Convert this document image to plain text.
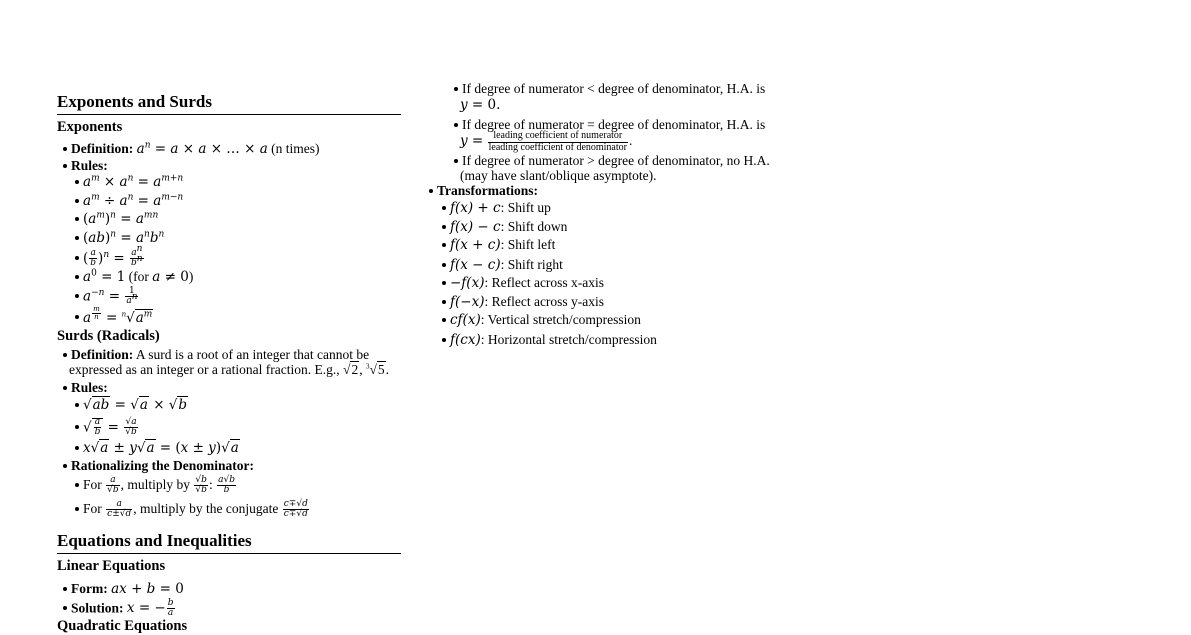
Exponents and Surds
Exponents
Definition: $a^n = a \times a$ × … × a (n times)
Rules:
$a^m \times a^n = a^{m+n}$
$a^m \div a^n = a^{m-n}$
$(a^m)^n = a^{mn}$
$(ab)^n = a^nb^n$
( $\frac{a}{b} )^n = \frac{a^n}{b^n}$
$a^0 = 1$ (for a ≠ 0)
$a^{-n} = \frac{1}{a^n}$
a $^{\frac{m}{n}} = ^n√a^m$
Surds (Radicals)
Definition: A surd is a root of an integer that cannot be
expressed as an integer or a rational fraction. E.g., √2, $^3$√5.
Rules:
√ab = √a × √b
√ $\frac{a}{b} = \frac{√a}{√b}$
x√a ± y√a = (x ± y)√a
Rationalizing the Denominator:
For $\frac{a}{√b}$ , multiply by $\frac{√b}{√b}$ : $\frac{a√b}{b}$
For $\frac{a}{c\pm√d}$ , multiply by the conjugate $\frac{c\mp√d}{c\mp√d}$
Equations and Inequalities
Linear Equations
Form: ax + b = 0
Solution: x = − $\frac{b}{a}$
Quadratic Equations
If degree of numerator < degree of denominator, H.A. is
y = 0.
If degree of numerator = degree of denominator, H.A. is
$y = \frac{\text{leading coefficient of numerator}}{\text{leading coefficient of denominator}}$ .
If degree of numerator > degree of denominator, no H.A.
(may have slant/oblique asymptote).
Transformations:
f(x) + c: Shift up
f(x) − c: Shift down
f(x + c): Shift left
f(x − c): Shift right
−f(x): Reflect across x-axis
f(−x): Reflect across y-axis
cf(x): Vertical stretch/compression
f(cx): Horizontal stretch/compression
